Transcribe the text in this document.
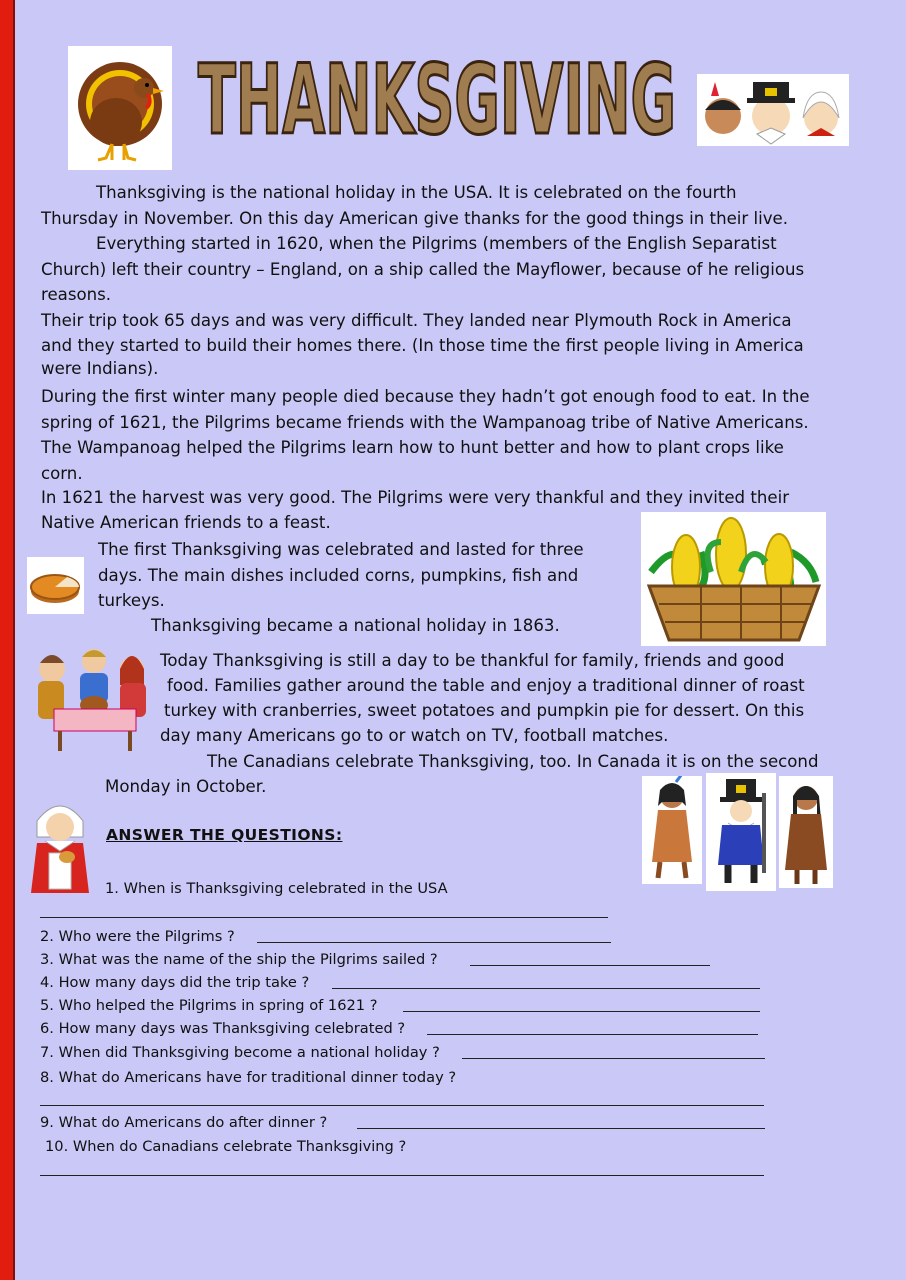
THANKSGIVING
Thanksgiving is the national holiday in the USA. It is celebrated on the fourth
Thursday in November. On this day American give thanks for the good things in their live.
Everything started in 1620, when the Pilgrims (members of the English Separatist
Church) left their country – England, on a ship called the Mayflower, because of he religious
reasons.
Their trip took 65 days and was very difficult. They landed near Plymouth Rock in America
and they started to build their homes there. (In those time the first people living in America
were Indians).
During the first winter many people died because they hadn’t got enough food to eat. In the
spring of 1621, the Pilgrims became friends with the Wampanoag tribe of Native Americans.
The Wampanoag helped the Pilgrims learn how to hunt better and how to plant crops like
corn.
In 1621 the harvest was very good. The Pilgrims were very thankful and they invited their
Native American friends to a feast.
The first Thanksgiving was celebrated and lasted for three
days. The main dishes included corns, pumpkins, fish and
turkeys.
Thanksgiving became a national holiday in 1863.
Today Thanksgiving is still a day to be thankful for family, friends and good
food. Families gather around the table and enjoy a traditional dinner of roast
turkey with cranberries, sweet potatoes and pumpkin pie for dessert. On this
day many Americans go to or watch on TV, football matches.
The Canadians celebrate Thanksgiving, too. In Canada it is on the second
Monday in October.
ANSWER THE QUESTIONS:
1. When is Thanksgiving celebrated in the USA
2. Who were the Pilgrims ?
3. What was the name of the ship the Pilgrims sailed ?
4. How many days did the trip take ?
5. Who helped the Pilgrims in spring of 1621 ?
6. How many days was Thanksgiving celebrated ?
7. When did Thanksgiving become a national holiday ?
8. What do Americans have for traditional dinner today ?
9. What do Americans do after dinner ?
10. When do Canadians celebrate Thanksgiving ?
